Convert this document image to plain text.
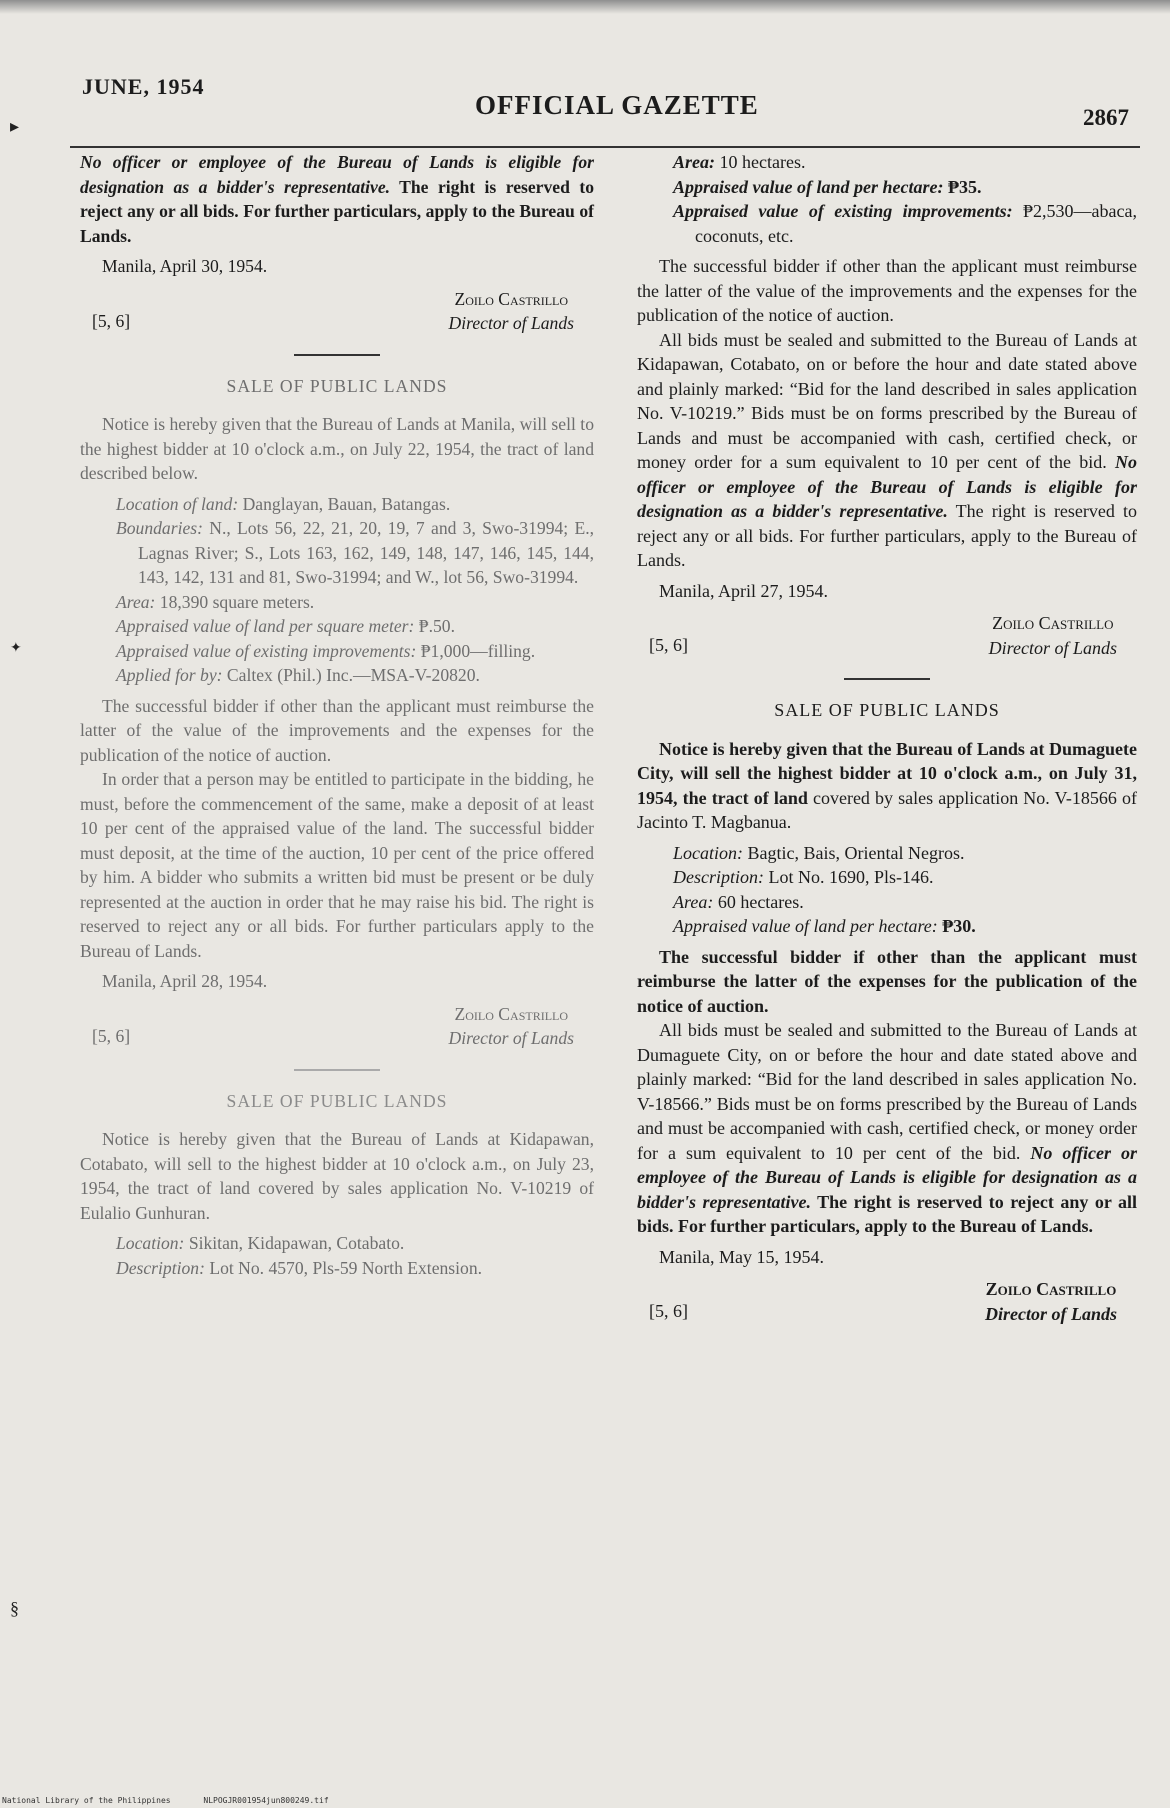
▸
✦
§
JUNE, 1954
OFFICIAL GAZETTE	2867

No officer or employee of the Bureau of Lands is eligible for designation as a bidder's representative. The right is reserved to reject any or all bids. For further particulars, apply to the Bureau of Lands.

Manila, April 30, 1954.

[5, 6]
Zoilo Castrillo
Director of Lands

SALE OF PUBLIC LANDS

Notice is hereby given that the Bureau of Lands at Manila, will sell to the highest bidder at 10 o'clock a.m., on July 22, 1954, the tract of land described below.

Location of land: Danglayan, Bauan, Batangas.

Boundaries: N., Lots 56, 22, 21, 20, 19, 7 and 3, Swo-31994; E., Lagnas River; S., Lots 163, 162, 149, 148, 147, 146, 145, 144, 143, 142, 131 and 81, Swo-31994; and W., lot 56, Swo-31994.

Area: 18,390 square meters.

Appraised value of land per square meter: ₱.50.

Appraised value of existing improvements: ₱1,000—filling.

Applied for by: Caltex (Phil.) Inc.—MSA-V-20820.

The successful bidder if other than the applicant must reimburse the latter of the value of the improvements and the expenses for the publication of the notice of auction.

In order that a person may be entitled to participate in the bidding, he must, before the commencement of the same, make a deposit of at least 10 per cent of the appraised value of the land. The successful bidder must deposit, at the time of the auction, 10 per cent of the price offered by him. A bidder who submits a written bid must be present or be duly represented at the auction in order that he may raise his bid. The right is reserved to reject any or all bids. For further particulars apply to the Bureau of Lands.

Manila, April 28, 1954.

[5, 6]
Zoilo Castrillo
Director of Lands

SALE OF PUBLIC LANDS

Notice is hereby given that the Bureau of Lands at Kidapawan, Cotabato, will sell to the highest bidder at 10 o'clock a.m., on July 23, 1954, the tract of land covered by sales application No. V-10219 of Eulalio Gunhuran.

Location: Sikitan, Kidapawan, Cotabato.

Description: Lot No. 4570, Pls-59 North Extension.

Area: 10 hectares.

Appraised value of land per hectare: ₱35.

Appraised value of existing improvements: ₱2,530—abaca, coconuts, etc.

The successful bidder if other than the applicant must reimburse the latter of the value of the improvements and the expenses for the publication of the notice of auction.

All bids must be sealed and submitted to the Bureau of Lands at Kidapawan, Cotabato, on or before the hour and date stated above and plainly marked: “Bid for the land described in sales application No. V-10219.” Bids must be on forms prescribed by the Bureau of Lands and must be accompanied with cash, certified check, or money order for a sum equivalent to 10 per cent of the bid. No officer or employee of the Bureau of Lands is eligible for designation as a bidder's representative. The right is reserved to reject any or all bids. For further particulars, apply to the Bureau of Lands.

Manila, April 27, 1954.

[5, 6]
Zoilo Castrillo
Director of Lands

SALE OF PUBLIC LANDS

Notice is hereby given that the Bureau of Lands at Dumaguete City, will sell the highest bidder at 10 o'clock a.m., on July 31, 1954, the tract of land covered by sales application No. V-18566 of Jacinto T. Magbanua.

Location: Bagtic, Bais, Oriental Negros.

Description: Lot No. 1690, Pls-146.

Area: 60 hectares.

Appraised value of land per hectare: ₱30.

The successful bidder if other than the applicant must reimburse the latter of the expenses for the publication of the notice of auction.

All bids must be sealed and submitted to the Bureau of Lands at Dumaguete City, on or before the hour and date stated above and plainly marked: “Bid for the land described in sales application No. V-18566.” Bids must be on forms prescribed by the Bureau of Lands and must be accompanied with cash, certified check, or money order for a sum equivalent to 10 per cent of the bid. No officer or employee of the Bureau of Lands is eligible for designation as a bidder's representative. The right is reserved to reject any or all bids. For further particulars, apply to the Bureau of Lands.

Manila, May 15, 1954.

[5, 6]
Zoilo Castrillo
Director of Lands
National Library of the Philippines	NLPOGJR001954jun800249.tif
